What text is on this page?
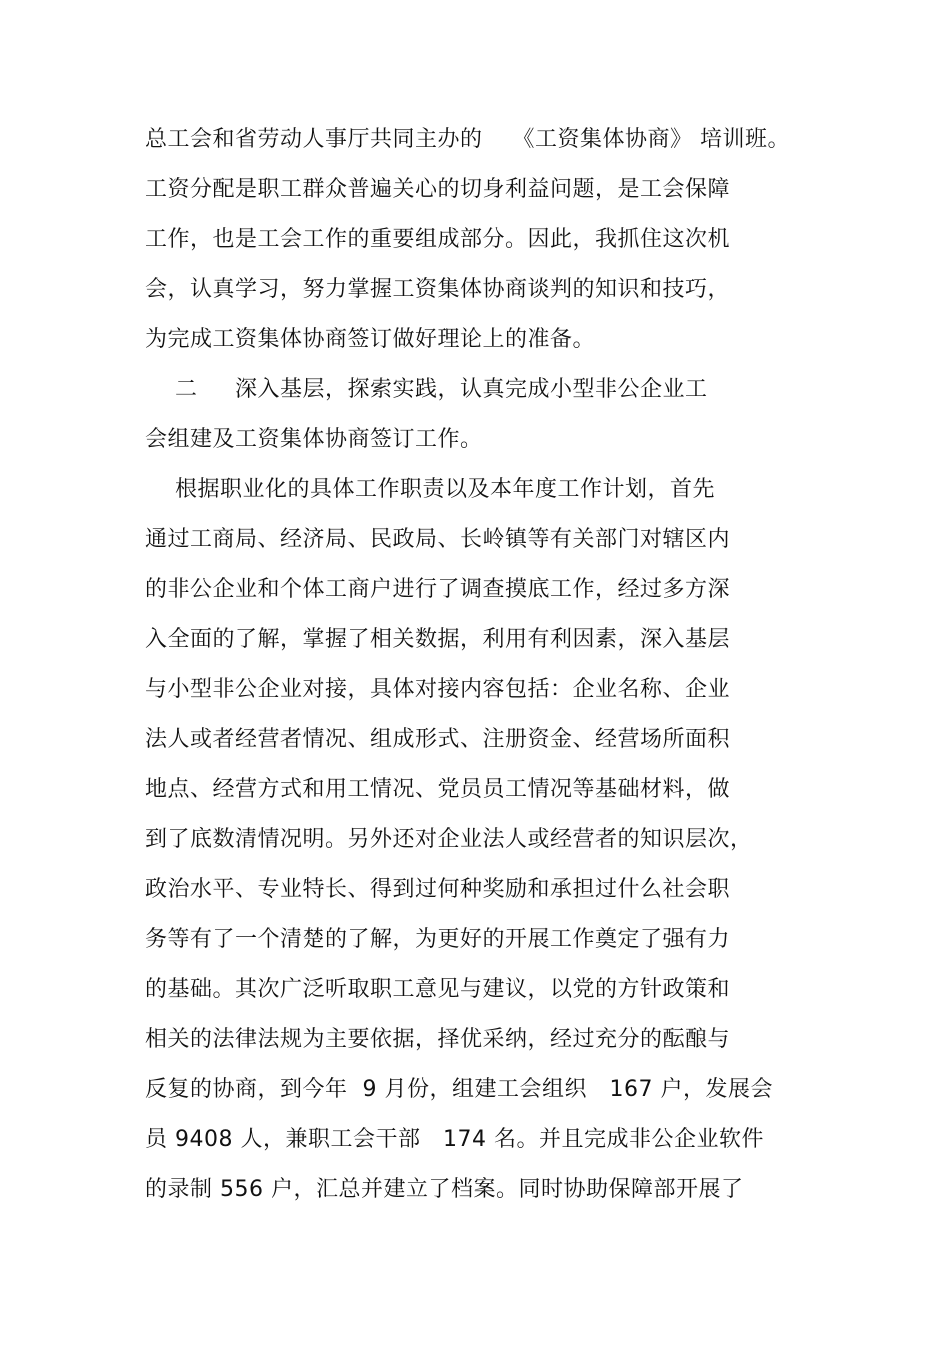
总工会和省劳动人事厅共同主办的    《工资集体协商》 培训班。
工资分配是职工群众普遍关心的切身利益问题，是工会保障
工作，也是工会工作的重要组成部分。因此，我抓住这次机
会，认真学习，努力掌握工资集体协商谈判的知识和技巧，
为完成工资集体协商签订做好理论上的准备。
二     深入基层，探索实践，认真完成小型非公企业工
会组建及工资集体协商签订工作。
根据职业化的具体工作职责以及本年度工作计划，首先
通过工商局、经济局、民政局、长岭镇等有关部门对辖区内
的非公企业和个体工商户进行了调查摸底工作，经过多方深
入全面的了解，掌握了相关数据，利用有利因素，深入基层
与小型非公企业对接，具体对接内容包括：企业名称、企业
法人或者经营者情况、组成形式、注册资金、经营场所面积
地点、经营方式和用工情况、党员员工情况等基础材料，做
到了底数清情况明。另外还对企业法人或经营者的知识层次，
政治水平、专业特长、得到过何种奖励和承担过什么社会职
务等有了一个清楚的了解，为更好的开展工作奠定了强有力
的基础。其次广泛听取职工意见与建议，以党的方针政策和
相关的法律法规为主要依据，择优采纳，经过充分的酝酿与
反复的协商，到今年  9 月份，组建工会组织   167 户，发展会
员 9408 人，兼职工会干部   174 名。并且完成非公企业软件
的录制 556 户，汇总并建立了档案。同时协助保障部开展了
